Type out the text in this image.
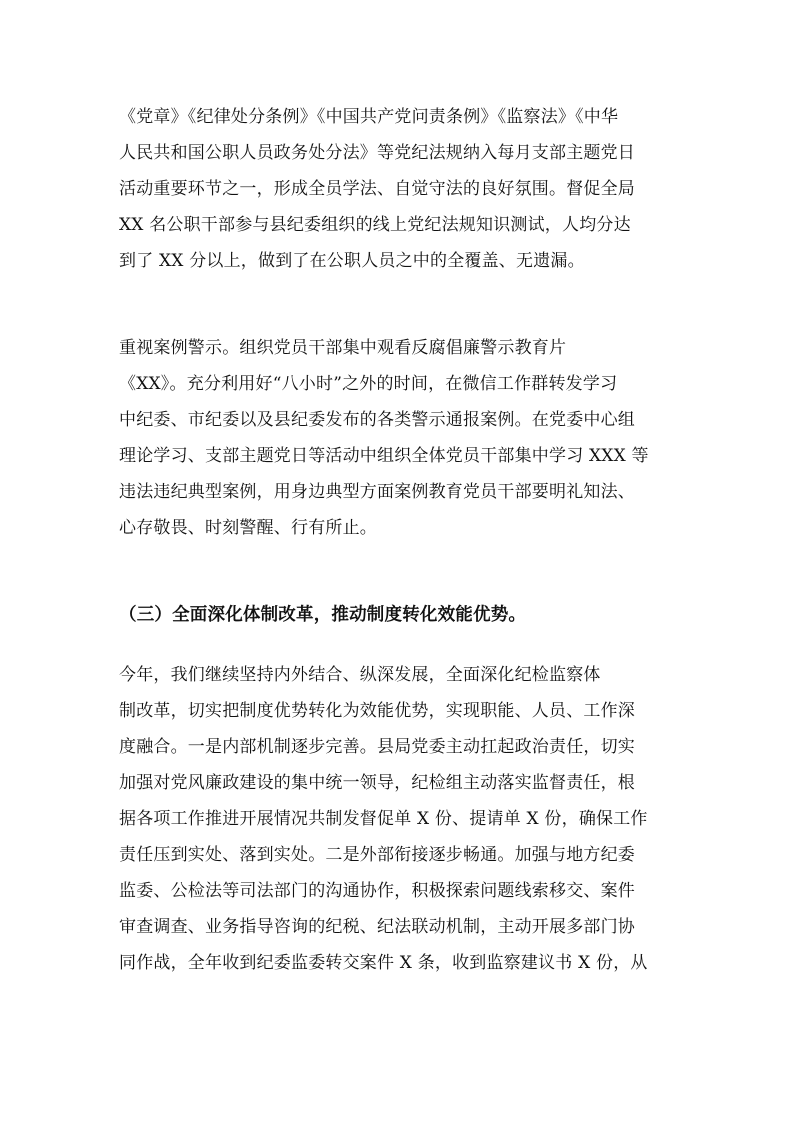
《党章》《纪律处分条例》《中国共产党问责条例》《监察法》《中华
人民共和国公职人员政务处分法》等党纪法规纳入每月支部主题党日
活动重要环节之一，形成全员学法、自觉守法的良好氛围。督促全局
XX 名公职干部参与县纪委组织的线上党纪法规知识测试，人均分达
到了 XX 分以上，做到了在公职人员之中的全覆盖、无遗漏。
重视案例警示。组织党员干部集中观看反腐倡廉警示教育片
《XX》。充分利用好“八小时”之外的时间，在微信工作群转发学习
中纪委、市纪委以及县纪委发布的各类警示通报案例。在党委中心组
理论学习、支部主题党日等活动中组织全体党员干部集中学习 XXX 等
违法违纪典型案例，用身边典型方面案例教育党员干部要明礼知法、
心存敬畏、时刻警醒、行有所止。
（三）全面深化体制改革，推动制度转化效能优势。
今年，我们继续坚持内外结合、纵深发展，全面深化纪检监察体
制改革，切实把制度优势转化为效能优势，实现职能、人员、工作深
度融合。一是内部机制逐步完善。县局党委主动扛起政治责任，切实
加强对党风廉政建设的集中统一领导，纪检组主动落实监督责任，根
据各项工作推进开展情况共制发督促单 X 份、提请单 X 份，确保工作
责任压到实处、落到实处。二是外部衔接逐步畅通。加强与地方纪委
监委、公检法等司法部门的沟通协作，积极探索问题线索移交、案件
审查调查、业务指导咨询的纪税、纪法联动机制，主动开展多部门协
同作战，全年收到纪委监委转交案件 X 条，收到监察建议书 X 份，从
